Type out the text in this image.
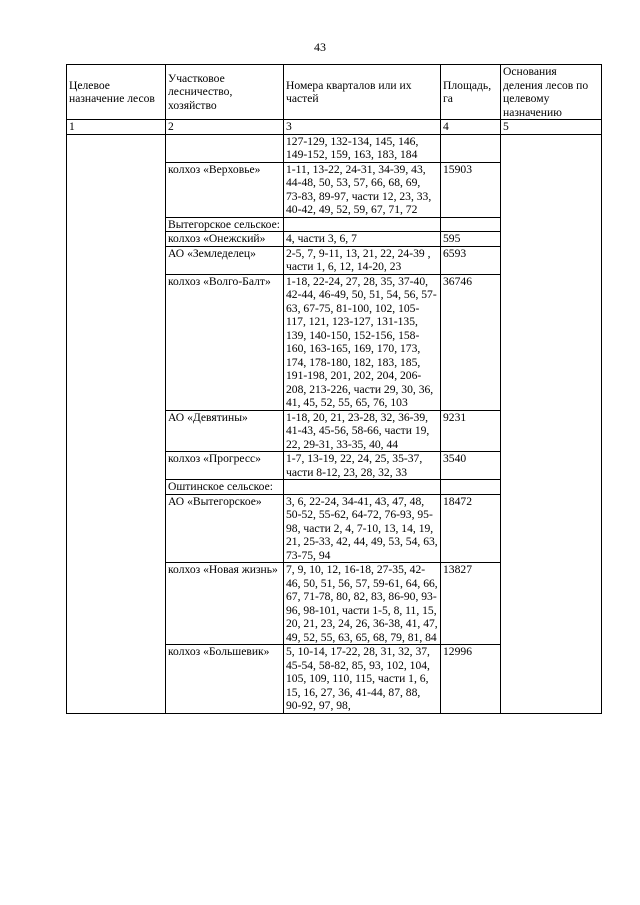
43
Целевое назначение лесов	Участковое лесничество, хозяйство	Номера кварталов или их частей	Площадь, га	Основания деления лесов по целевому назначению
1	2	3	4	5
		127-129, 132-134, 145, 146, 149-152, 159, 163, 183, 184		
	колхоз «Верховье»	1-11, 13-22, 24-31, 34-39, 43, 44-48, 50, 53, 57, 66, 68, 69, 73-83, 89-97, части 12, 23, 33, 40-42, 49, 52, 59, 67, 71, 72	15903	
	Вытегорское сельское:			
	колхоз «Онежский»	4, части 3, 6, 7	595	
	АО «Земледелец»	2-5, 7, 9-11, 13, 21, 22, 24-39 , части 1, 6, 12, 14-20, 23	6593	
	колхоз «Волго-Балт»	1-18, 22-24, 27, 28, 35, 37-40, 42-44, 46-49, 50, 51, 54, 56, 57-63, 67-75, 81-100, 102, 105-117, 121, 123-127, 131-135, 139, 140-150, 152-156, 158-160, 163-165, 169, 170, 173, 174, 178-180, 182, 183, 185, 191-198, 201, 202, 204, 206-208, 213-226, части 29, 30, 36, 41, 45, 52, 55, 65, 76, 103	36746	
	АО «Девятины»	1-18, 20, 21, 23-28, 32, 36-39, 41-43, 45-56, 58-66, части 19, 22, 29-31, 33-35, 40, 44	9231	
	колхоз «Прогресс»	1-7, 13-19, 22, 24, 25, 35-37, части 8-12, 23, 28, 32, 33	3540	
	Оштинское сельское:			
	АО «Вытегорское»	3, 6, 22-24, 34-41, 43, 47, 48, 50-52, 55-62, 64-72, 76-93, 95-98, части 2, 4, 7-10, 13, 14, 19, 21, 25-33, 42, 44, 49, 53, 54, 63, 73-75, 94	18472	
	колхоз «Новая жизнь»	7, 9, 10, 12, 16-18, 27-35, 42-46, 50, 51, 56, 57, 59-61, 64, 66, 67, 71-78, 80, 82, 83, 86-90, 93-96, 98-101, части 1-5, 8, 11, 15, 20, 21, 23, 24, 26, 36-38, 41, 47, 49, 52, 55, 63, 65, 68, 79, 81, 84	13827	
	колхоз «Большевик»	5, 10-14, 17-22, 28, 31, 32, 37, 45-54, 58-82, 85, 93, 102, 104, 105, 109, 110, 115, части 1, 6, 15, 16, 27, 36, 41-44, 87, 88, 90-92, 97, 98,	12996	
